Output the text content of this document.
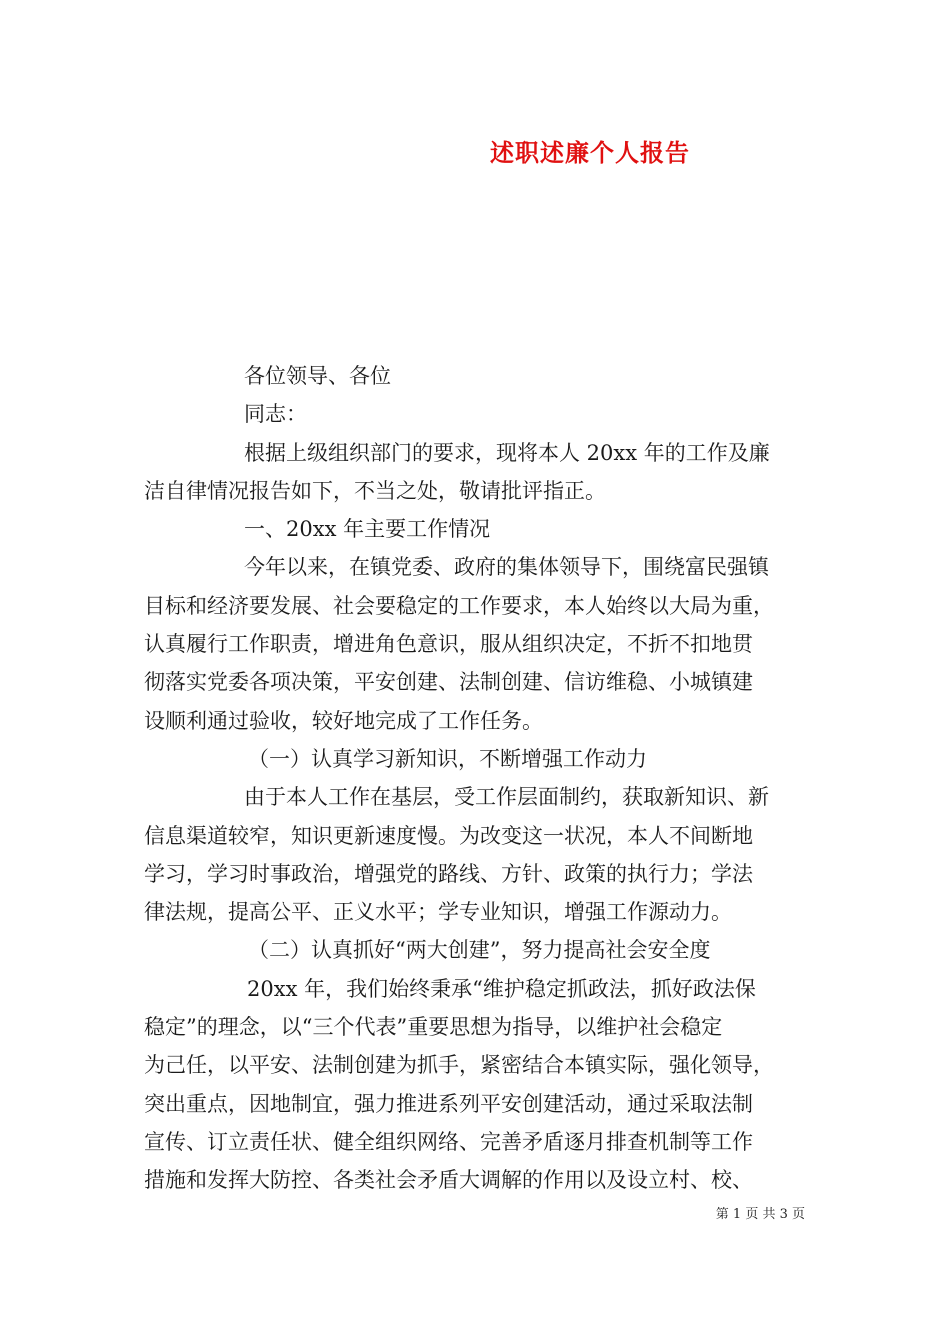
述职述廉个人报告
各位领导、各位
同志：
根据上级组织部门的要求，现将本人 20xx 年的工作及廉
洁自律情况报告如下，不当之处，敬请批评指正。
一、20xx 年主要工作情况
今年以来，在镇党委、政府的集体领导下，围绕富民强镇
目标和经济要发展、社会要稳定的工作要求，本人始终以大局为重，
认真履行工作职责，增进角色意识，服从组织决定，不折不扣地贯
彻落实党委各项决策，平安创建、法制创建、信访维稳、小城镇建
设顺利通过验收，较好地完成了工作任务。
（一）认真学习新知识，不断增强工作动力
由于本人工作在基层，受工作层面制约，获取新知识、新
信息渠道较窄，知识更新速度慢。为改变这一状况，本人不间断地
学习，学习时事政治，增强党的路线、方针、政策的执行力；学法
律法规，提高公平、正义水平；学专业知识，增强工作源动力。
（二）认真抓好“两大创建”，努力提高社会安全度
20xx 年，我们始终秉承“维护稳定抓政法，抓好政法保
稳定”的理念，以“三个代表”重要思想为指导，以维护社会稳定
为己任，以平安、法制创建为抓手，紧密结合本镇实际，强化领导，
突出重点，因地制宜，强力推进系列平安创建活动，通过采取法制
宣传、订立责任状、健全组织网络、完善矛盾逐月排查机制等工作
措施和发挥大防控、各类社会矛盾大调解的作用以及设立村、校、
第 1 页 共 3 页
